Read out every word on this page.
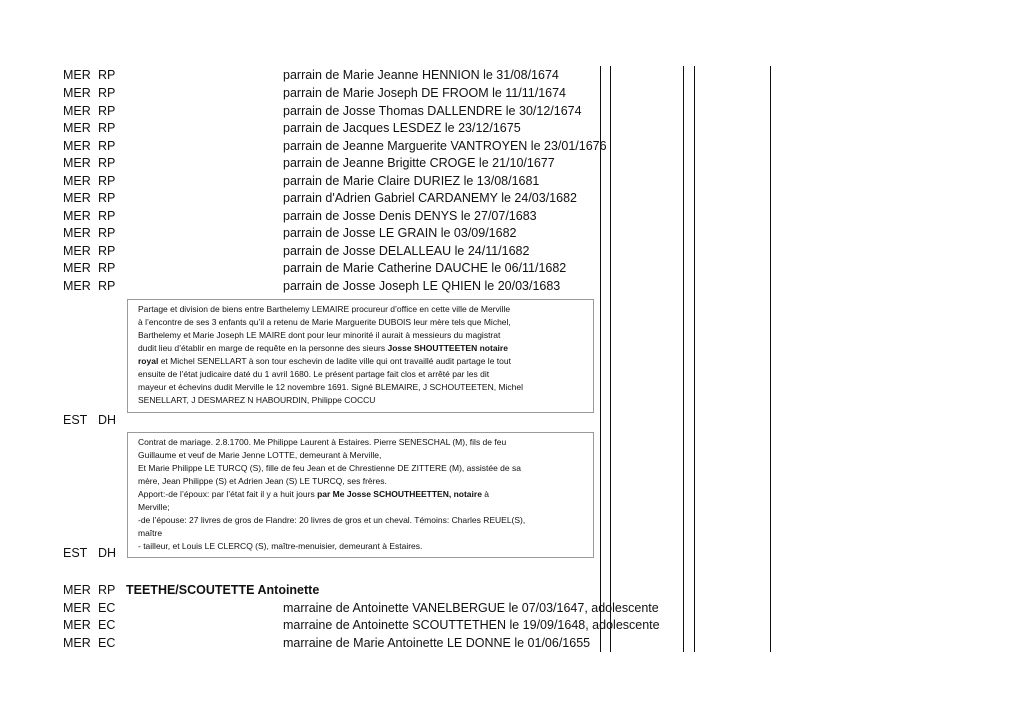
MER RP	parrain de Marie Jeanne HENNION le 31/08/1674
MER RP	parrain de Marie Joseph DE FROOM le 11/11/1674
MER RP	parrain de Josse Thomas DALLENDRE le 30/12/1674
MER RP	parrain de Jacques LESDEZ le 23/12/1675
MER RP	parrain de Jeanne Marguerite VANTROYEN le 23/01/1676
MER RP	parrain de Jeanne Brigitte CROGE le 21/10/1677
MER RP	parrain de Marie Claire DURIEZ le 13/08/1681
MER RP	parrain d'Adrien Gabriel CARDANEMY le 24/03/1682
MER RP	parrain de Josse Denis DENYS le 27/07/1683
MER RP	parrain de Josse LE GRAIN le 03/09/1682
MER RP	parrain de Josse DELALLEAU le 24/11/1682
MER RP	parrain de Marie Catherine DAUCHE le 06/11/1682
MER RP	parrain de Josse Joseph LE QHIEN le 20/03/1683

Partage et division de biens entre Barthelemy LEMAIRE procureur d’office en cette ville de Merville

à l’encontre de ses 3 enfants qu’il a retenu de Marie Marguerite DUBOIS leur mère tels que Michel,

Barthelemy et Marie Joseph LE MAIRE dont pour leur minorité il aurait à messieurs du magistrat

dudit lieu d’établir en marge de requête en la personne des sieurs Josse SHOUTTEETEN notaire

royal et Michel SENELLART à son tour eschevin de ladite ville qui ont travaillé audit partage le tout

ensuite de l’état judicaire daté du 1 avril 1680. Le présent partage fait clos et arrêté par les dit

mayeur et échevins dudit Merville le 12 novembre 1691. Signé BLEMAIRE, J SCHOUTEETEN, Michel

SENELLART, J DESMAREZ N HABOURDIN, Philippe COCCU

EST DH

Contrat de mariage. 2.8.1700. Me Philippe Laurent à Estaires. Pierre SENESCHAL (M), fils de feu

Guillaume et veuf de Marie Jenne LOTTE, demeurant à Merville,

Et Marie Philippe LE TURCQ (S), fille de feu Jean et de Chrestienne DE ZITTERE (M), assistée de sa

mère, Jean Philippe (S) et Adrien Jean (S) LE TURCQ, ses frères.

Apport:-de l’époux: par l’état fait il y a huit jours par Me Josse SCHOUTHEETTEN, notaire à

Merville;

-de l’épouse: 27 livres de gros de Flandre: 20 livres de gros et un cheval. Témoins: Charles REUEL(S),

maître

- tailleur, et Louis LE CLERCQ (S), maître-menuisier, demeurant à Estaires.

EST DH
MER RP TEETHE/SCOUTETTE Antoinette
MER EC	marraine de Antoinette VANELBERGUE le 07/03/1647, adolescente
MER EC	marraine de Antoinette SCOUTTETHEN le 19/09/1648, adolescente
MER EC	marraine de Marie Antoinette LE DONNE le 01/06/1655
